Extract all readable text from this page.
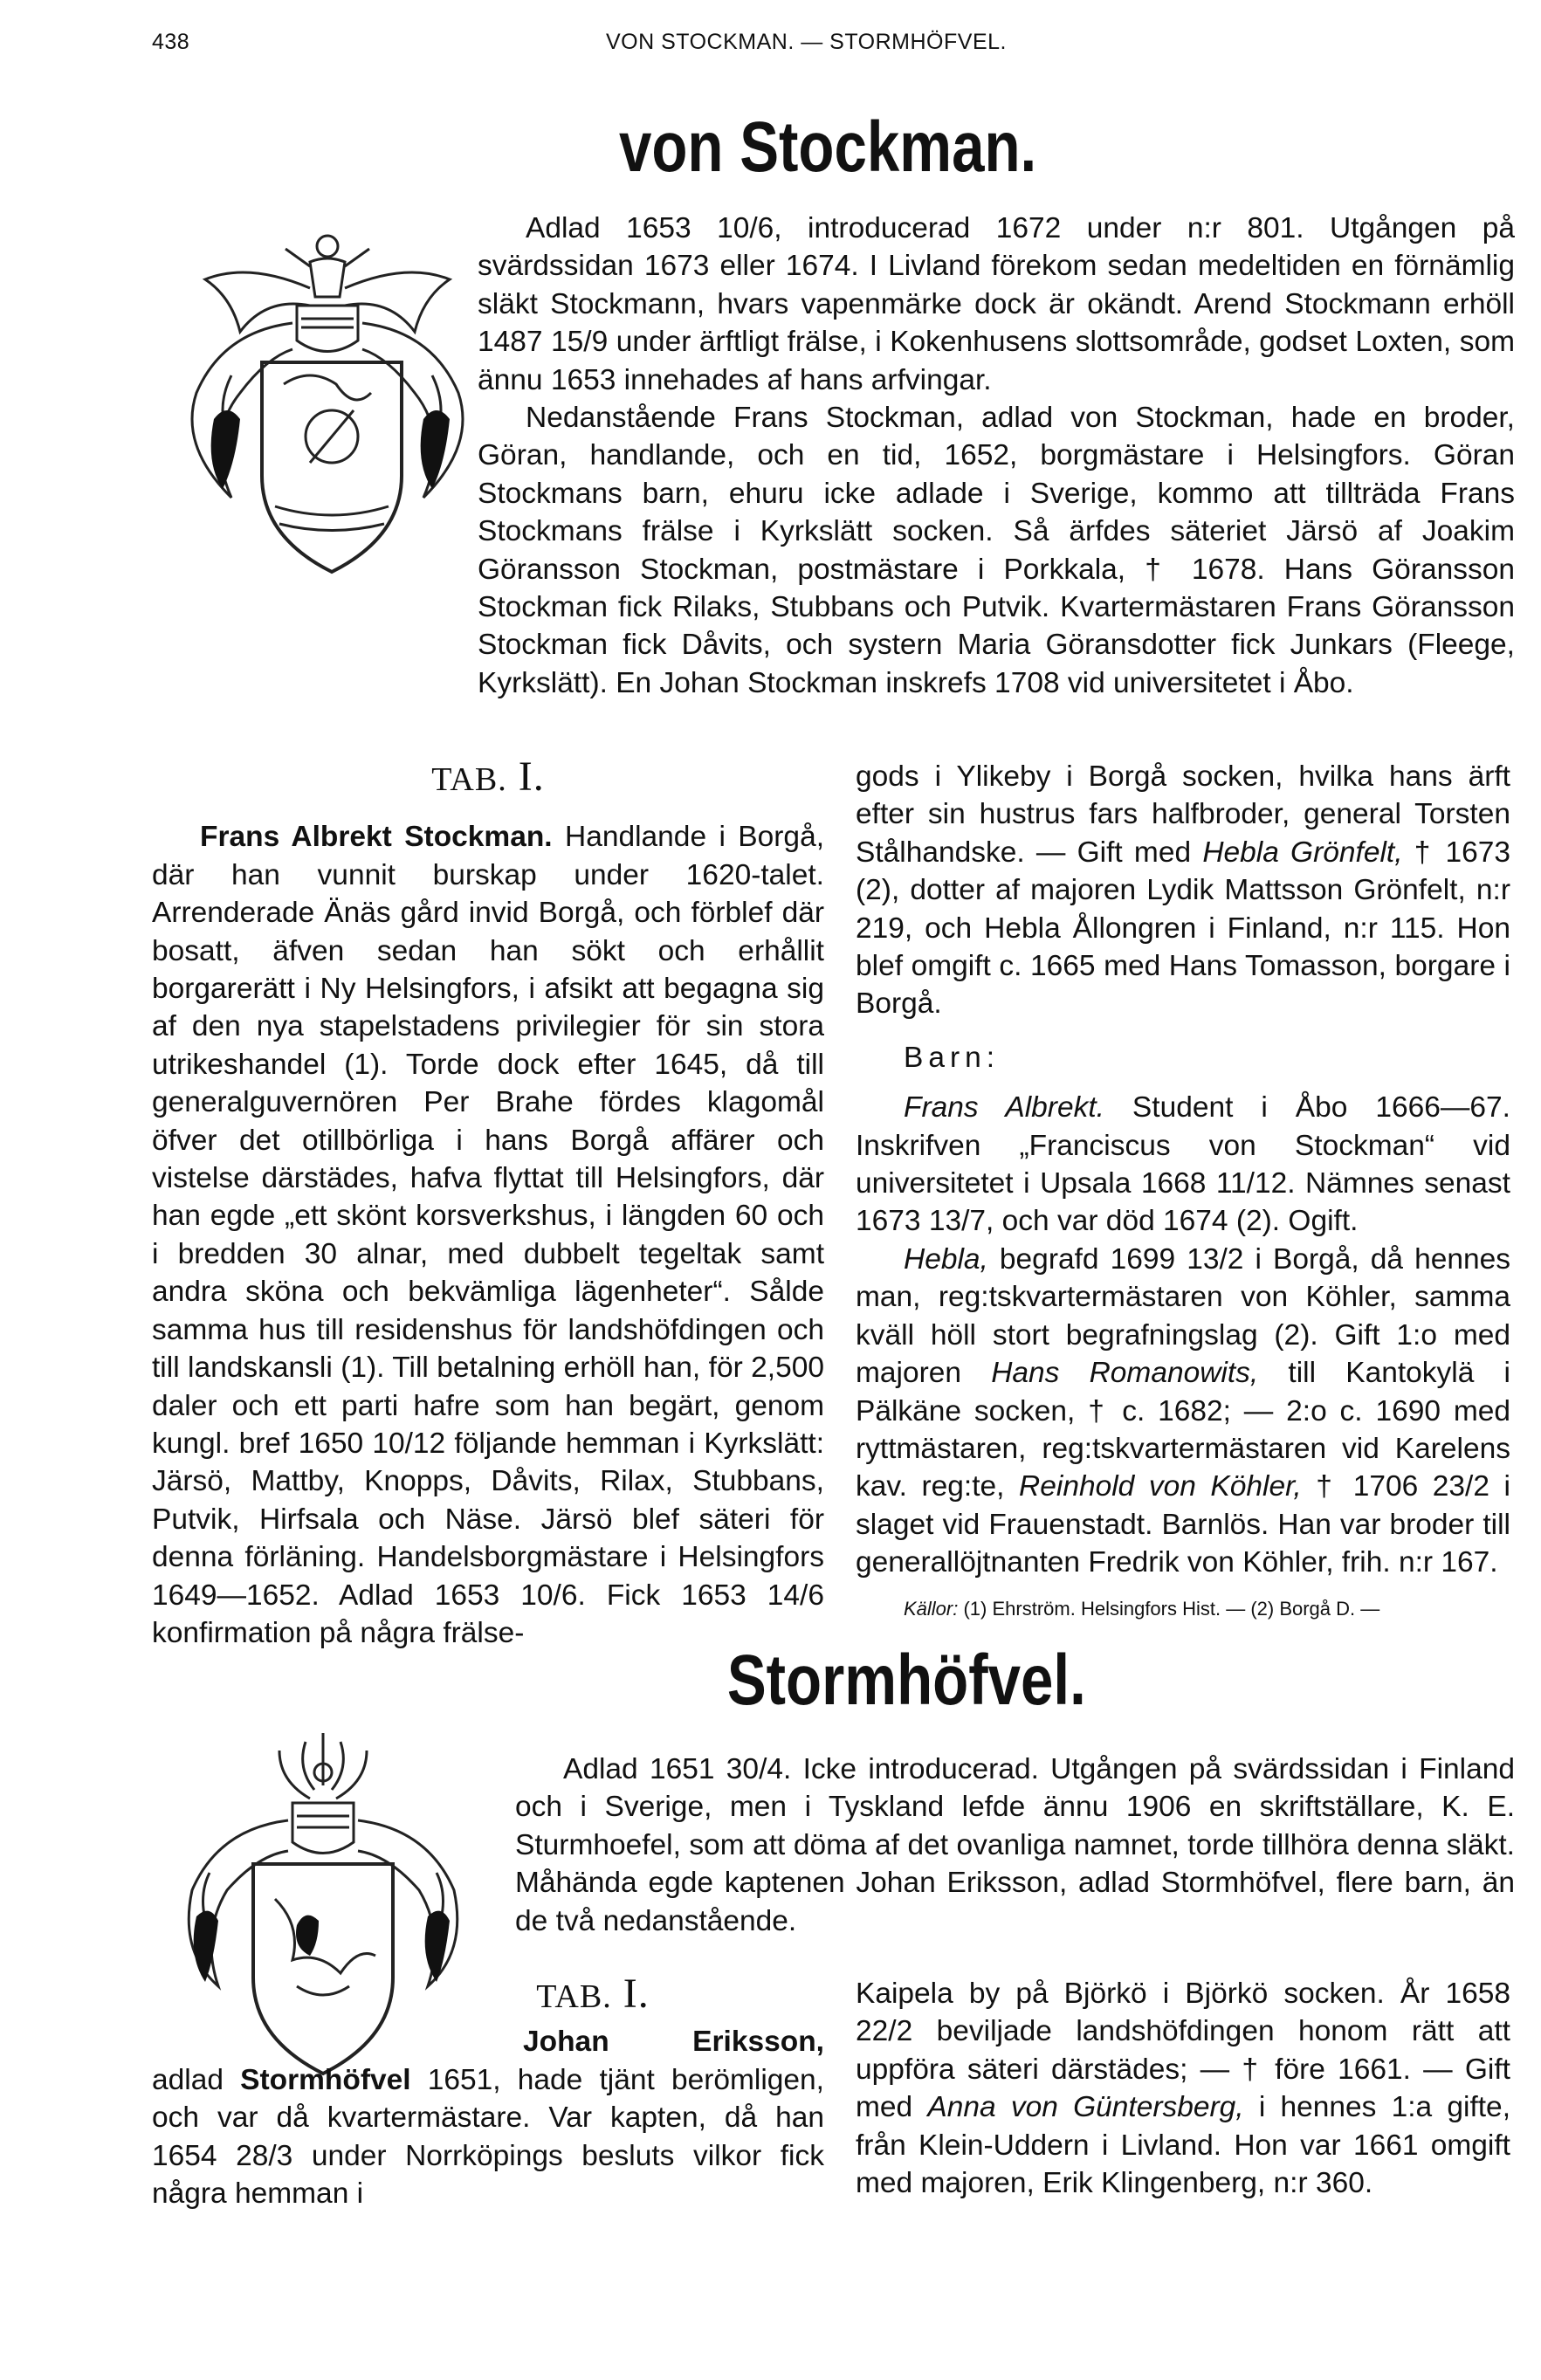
438	VON STOCKMAN. — STORMHÖFVEL.
von Stockman.

Adlad 1653 10/6, introducerad 1672 under n:r 801. Utgången på svärdssidan 1673 eller 1674. I Livland förekom sedan medeltiden en förnämlig släkt Stockmann, hvars vapenmärke dock är okändt. Arend Stockmann erhöll 1487 15/9 under ärftligt frälse, i Kokenhusens slottsområde, godset Loxten, som ännu 1653 innehades af hans arfvingar.

Nedanstående Frans Stockman, adlad von Stockman, hade en broder, Göran, handlande, och en tid, 1652, borgmästare i Helsingfors. Göran Stockmans barn, ehuru icke adlade i Sverige, kommo att tillträda Frans Stockmans frälse i Kyrkslätt socken. Så ärfdes säteriet Järsö af Joakim Göransson Stockman, postmästare i Porkkala, † 1678. Hans Göransson Stockman fick Rilaks, Stubbans och Putvik. Kvartermästaren Frans Göransson Stockman fick Dåvits, och systern Maria Göransdotter fick Junkars (Fleege, Kyrkslätt). En Johan Stockman inskrefs 1708 vid universitetet i Åbo.

TAB. I.

Frans Albrekt Stockman. Handlande i Borgå, där han vunnit burskap under 1620-talet. Arrenderade Änäs gård invid Borgå, och förblef där bosatt, äfven sedan han sökt och erhållit borgarerätt i Ny Helsingfors, i afsikt att begagna sig af den nya stapelstadens privilegier för sin stora utrikeshandel (1). Torde dock efter 1645, då till generalguvernören Per Brahe fördes klagomål öfver det otillbörliga i hans Borgå affärer och vistelse därstädes, hafva flyttat till Helsingfors, där han egde „ett skönt korsverkshus, i längden 60 och i bredden 30 alnar, med dubbelt tegeltak samt andra sköna och bekvämliga lägenheter“. Sålde samma hus till residenshus för landshöfdingen och till landskansli (1). Till betalning erhöll han, för 2,500 daler och ett parti hafre som han begärt, genom kungl. bref 1650 10/12 följande hemman i Kyrkslätt: Järsö, Mattby, Knopps, Dåvits, Rilax, Stubbans, Putvik, Hirfsala och Näse. Järsö blef säteri för denna förläning. Handelsborgmästare i Helsingfors 1649—1652. Adlad 1653 10/6. Fick 1653 14/6 konfirmation på några frälse-

gods i Ylikeby i Borgå socken, hvilka hans ärft efter sin hustrus fars halfbroder, general Torsten Stålhandske. — Gift med Hebla Grönfelt, † 1673 (2), dotter af majoren Lydik Mattsson Grönfelt, n:r 219, och Hebla Ållongren i Finland, n:r 115. Hon blef omgift c. 1665 med Hans Tomasson, borgare i Borgå.

Barn:

Frans Albrekt. Student i Åbo 1666—67. Inskrifven „Franciscus von Stockman“ vid universitetet i Upsala 1668 11/12. Nämnes senast 1673 13/7, och var död 1674 (2). Ogift.

Hebla, begrafd 1699 13/2 i Borgå, då hennes man, reg:tskvartermästaren von Köhler, samma kväll höll stort begrafningslag (2). Gift 1:o med majoren Hans Romanowits, till Kantokylä i Pälkäne socken, † c. 1682; — 2:o c. 1690 med ryttmästaren, reg:tskvartermästaren vid Karelens kav. reg:te, Reinhold von Köhler, † 1706 23/2 i slaget vid Frauenstadt. Barnlös. Han var broder till generallöjtnanten Fredrik von Köhler, frih. n:r 167.

Källor: (1) Ehrström. Helsingfors Hist. — (2) Borgå D. —

Stormhöfvel.

Adlad 1651 30/4. Icke introducerad. Utgången på svärdssidan i Finland och i Sverige, men i Tyskland lefde ännu 1906 en skriftställare, K. E. Sturmhoefel, som att döma af det ovanliga namnet, torde tillhöra denna släkt. Måhända egde kaptenen Johan Eriksson, adlad Stormhöfvel, flere barn, än de två nedanstående.

TAB. I.

Johan Eriksson, adlad Stormhöfvel 1651, hade tjänt berömligen, och var då kvartermästare. Var kapten, då han 1654 28/3 under Norrköpings besluts vilkor fick några hemman i

Kaipela by på Björkö i Björkö socken. År 1658 22/2 beviljade landshöfdingen honom rätt att uppföra säteri därstädes; — † före 1661. — Gift med Anna von Güntersberg, i hennes 1:a gifte, från Klein-Uddern i Livland. Hon var 1661 omgift med majoren, Erik Klingenberg, n:r 360.
